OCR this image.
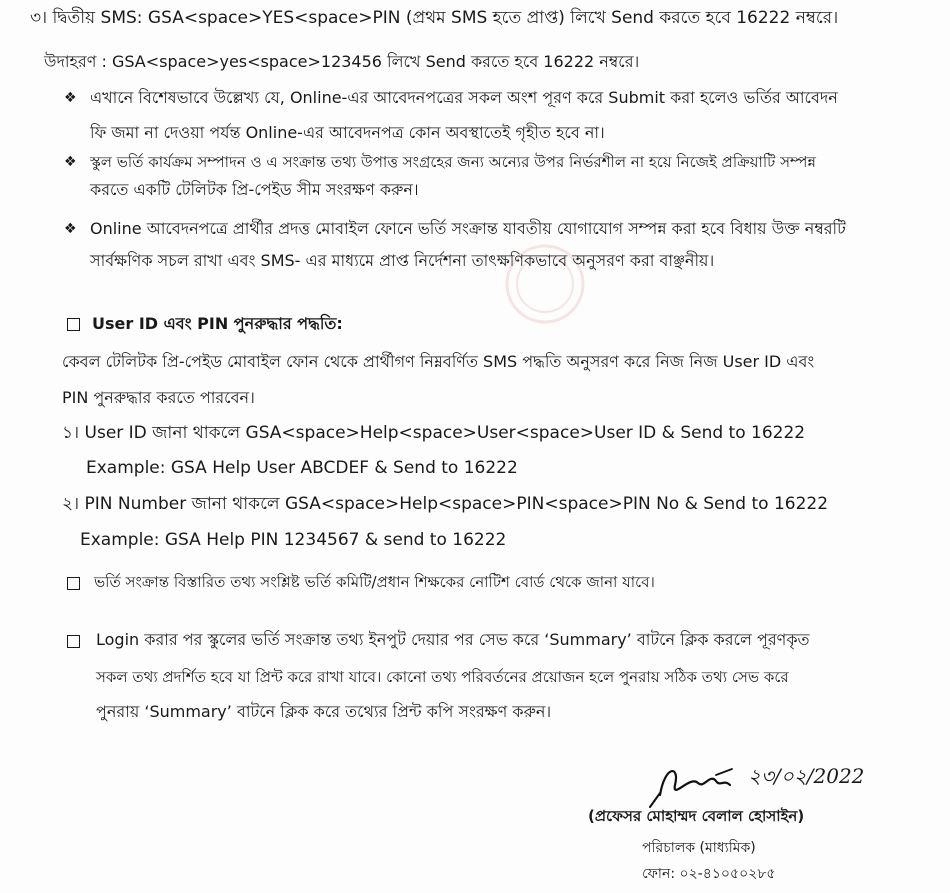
৩। দ্বিতীয় SMS: GSA<space>YES<space>PIN (প্রথম SMS হতে প্রাপ্ত) লিখে Send করতে হবে 16222 নম্বরে।
উদাহরণ : GSA<space>yes<space>123456 লিখে Send করতে হবে 16222 নম্বরে।
❖ এখানে বিশেষভাবে উল্লেখ্য যে, Online-এর আবেদনপত্রের সকল অংশ পূরণ করে Submit করা হলেও ভর্তির আবেদন
ফি জমা না দেওয়া পর্যন্ত Online-এর আবেদনপত্র কোন অবস্থাতেই গৃহীত হবে না।
❖ স্কুল ভর্তি কার্যক্রম সম্পাদন ও এ সংক্রান্ত তথ্য উপাত্ত সংগ্রহের জন্য অন্যের উপর নির্ভরশীল না হয়ে নিজেই প্রক্রিয়াটি সম্পন্ন
করতে একটি টেলিটক প্রি-পেইড সীম সংরক্ষণ করুন।
❖ Online আবেদনপত্রে প্রার্থীর প্রদত্ত মোবাইল ফোনে ভর্তি সংক্রান্ত যাবতীয় যোগাযোগ সম্পন্ন করা হবে বিধায় উক্ত নম্বরটি
সার্বক্ষণিক সচল রাখা এবং SMS- এর মাধ্যমে প্রাপ্ত নির্দেশনা তাৎক্ষণিকভাবে অনুসরণ করা বাঞ্ছনীয়।
User ID এবং PIN পুনরুদ্ধার পদ্ধতি:
কেবল টেলিটক প্রি-পেইড মোবাইল ফোন থেকে প্রার্থীগণ নিম্নবর্ণিত SMS পদ্ধতি অনুসরণ করে নিজ নিজ User ID এবং
PIN পুনরুদ্ধার করতে পারবেন।
১। User ID জানা থাকলে GSA<space>Help<space>User<space>User ID & Send to 16222
Example: GSA Help User ABCDEF & Send to 16222
২। PIN Number জানা থাকলে GSA<space>Help<space>PIN<space>PIN No & Send to 16222
Example: GSA Help PIN 1234567 & send to 16222
ভর্তি সংক্রান্ত বিস্তারিত তথ্য সংশ্লিষ্ট ভর্তি কমিটি/প্রধান শিক্ষকের নোটিশ বোর্ড থেকে জানা যাবে।
Login করার পর স্কুলের ভর্তি সংক্রান্ত তথ্য ইনপুট দেয়ার পর সেভ করে ‘Summary’ বাটনে ক্লিক করলে পূরণকৃত
সকল তথ্য প্রদর্শিত হবে যা প্রিন্ট করে রাখা যাবে। কোনো তথ্য পরিবর্তনের প্রয়োজন হলে পুনরায় সঠিক তথ্য সেভ করে
পুনরায় ‘Summary’ বাটনে ক্লিক করে তথ্যের প্রিন্ট কপি সংরক্ষণ করুন।
২৩/০২/2022
(প্রফেসর মোহাম্মদ বেলাল হোসাইন)
পরিচালক (মাধ্যমিক)
ফোন: ০২-৪১০৫০২৮৫
